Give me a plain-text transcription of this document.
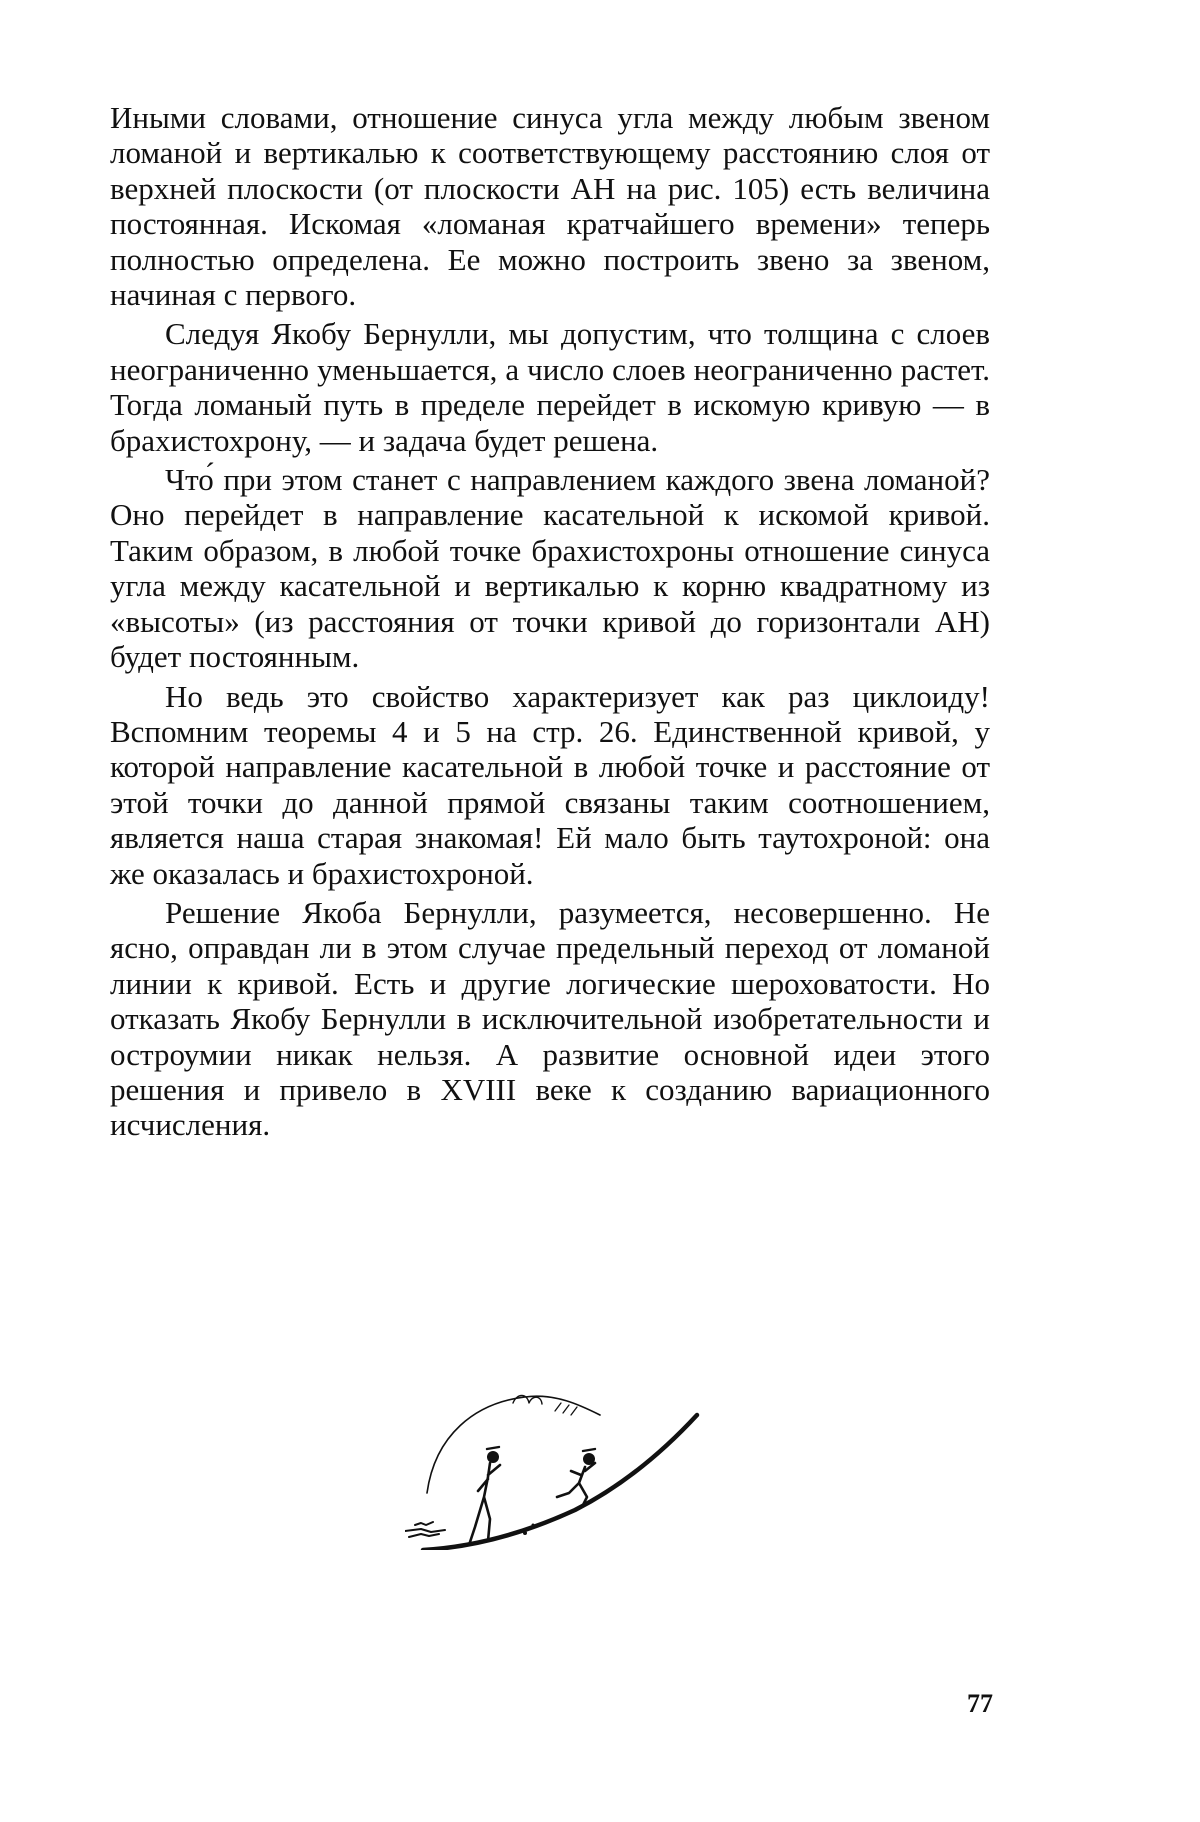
Иными словами, отношение синуса угла между любым звеном ломаной и вертикалью к соответствующему расстоянию слоя от верхней плоскости (от плоскости АН на рис. 105) есть величина постоянная. Искомая «ломаная кратчайшего времени» теперь полностью определена. Ее можно построить звено за звеном, начиная с первого.

Следуя Якобу Бернулли, мы допустим, что толщина с слоев неограниченно уменьшается, а число слоев неограниченно растет. Тогда ломаный путь в пределе перейдет в искомую кривую — в брахистохрону, — и задача будет решена.

Что́ при этом станет с направлением каждого звена ломаной? Оно перейдет в направление касательной к искомой кривой. Таким образом, в любой точке брахистохроны отношение синуса угла между касательной и вертикалью к корню квадратному из «высоты» (из расстояния от точки кривой до горизонтали АН) будет постоянным.

Но ведь это свойство характеризует как раз циклоиду! Вспомним теоремы 4 и 5 на стр. 26. Единственной кривой, у которой направление касательной в любой точке и расстояние от этой точки до данной прямой связаны таким соотношением, является наша старая знакомая! Ей мало быть таутохроной: она же оказалась и брахистохроной.

Решение Якоба Бернулли, разумеется, несовершенно. Не ясно, оправдан ли в этом случае предельный переход от ломаной линии к кривой. Есть и другие логические шероховатости. Но отказать Якобу Бернулли в исключительной изобретательности и остроумии никак нельзя. А развитие основной идеи этого решения и привело в XVIII веке к созданию вариационного исчисления.

77
